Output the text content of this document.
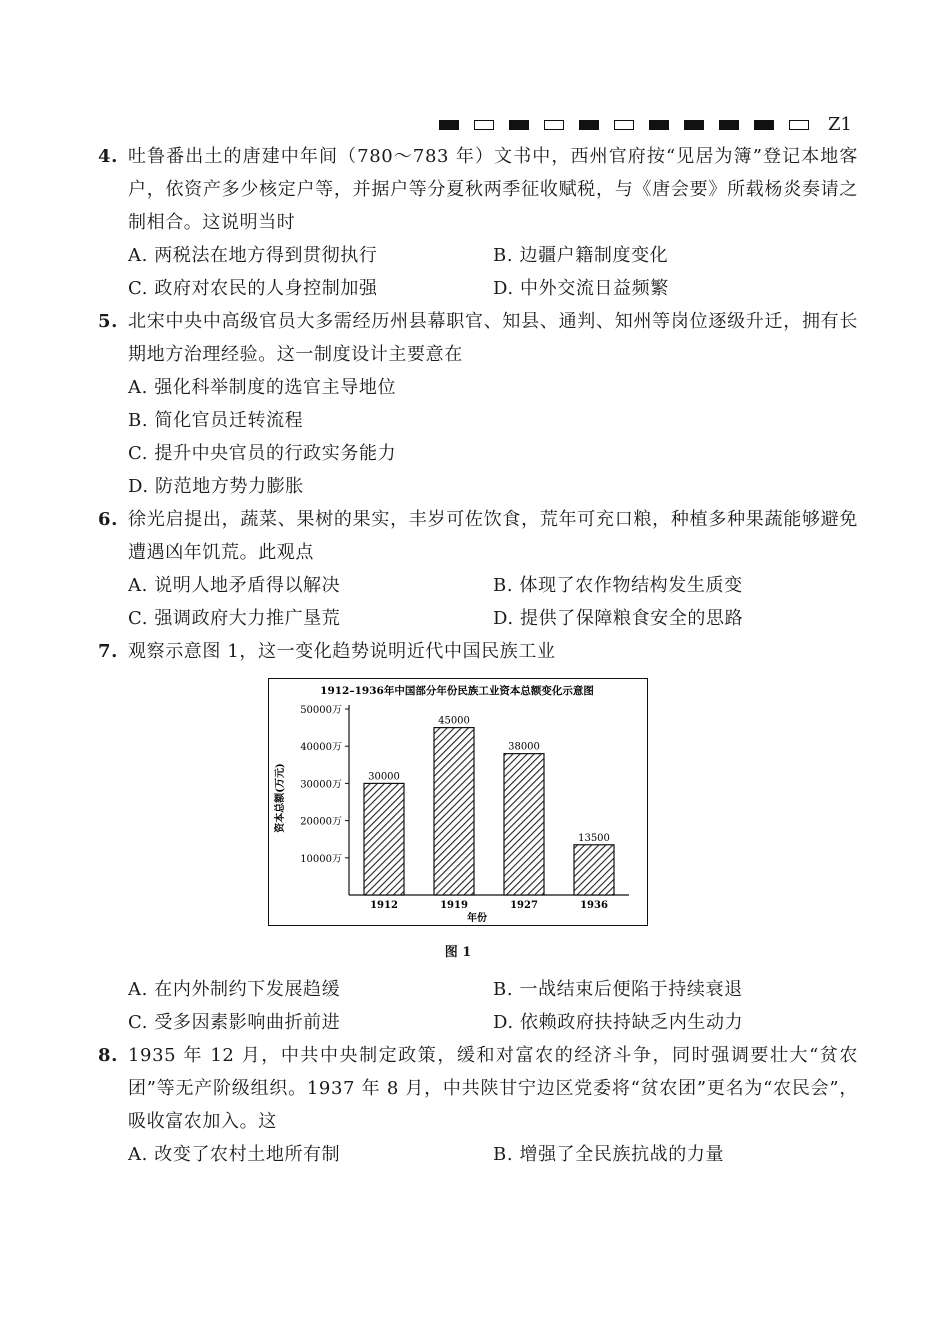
Z1
4. 吐鲁番出土的唐建中年间（780～783 年）文书中，西州官府按“见居为簿”登记本地客户，依资产多少核定户等，并据户等分夏秋两季征收赋税，与《唐会要》所载杨炎奏请之制相合。这说明当时
A. 两税法在地方得到贯彻执行	B. 边疆户籍制度变化
C. 政府对农民的人身控制加强	D. 中外交流日益频繁
5. 北宋中央中高级官员大多需经历州县幕职官、知县、通判、知州等岗位逐级升迁，拥有长期地方治理经验。这一制度设计主要意在
A. 强化科举制度的选官主导地位
B. 简化官员迁转流程
C. 提升中央官员的行政实务能力
D. 防范地方势力膨胀
6. 徐光启提出，蔬菜、果树的果实，丰岁可佐饮食，荒年可充口粮，种植多种果蔬能够避免遭遇凶年饥荒。此观点
A. 说明人地矛盾得以解决	B. 体现了农作物结构发生质变
C. 强调政府大力推广垦荒	D. 提供了保障粮食安全的思路
7. 观察示意图 1，这一变化趋势说明近代中国民族工业
1912–1936年中国部分年份民族工业资本总额变化示意图
10000万
20000万
30000万
40000万
50000万
资本总额(万元)	30000
1912
45000
1919
38000
1927
13500
1936
年份
图 1
A. 在内外制约下发展趋缓	B. 一战结束后便陷于持续衰退
C. 受多因素影响曲折前进	D. 依赖政府扶持缺乏内生动力
8. 1935 年 12 月，中共中央制定政策，缓和对富农的经济斗争，同时强调要壮大“贫农团”等无产阶级组织。1937 年 8 月，中共陕甘宁边区党委将“贫农团”更名为“农民会”，吸收富农加入。这
A. 改变了农村土地所有制	B. 增强了全民族抗战的力量
